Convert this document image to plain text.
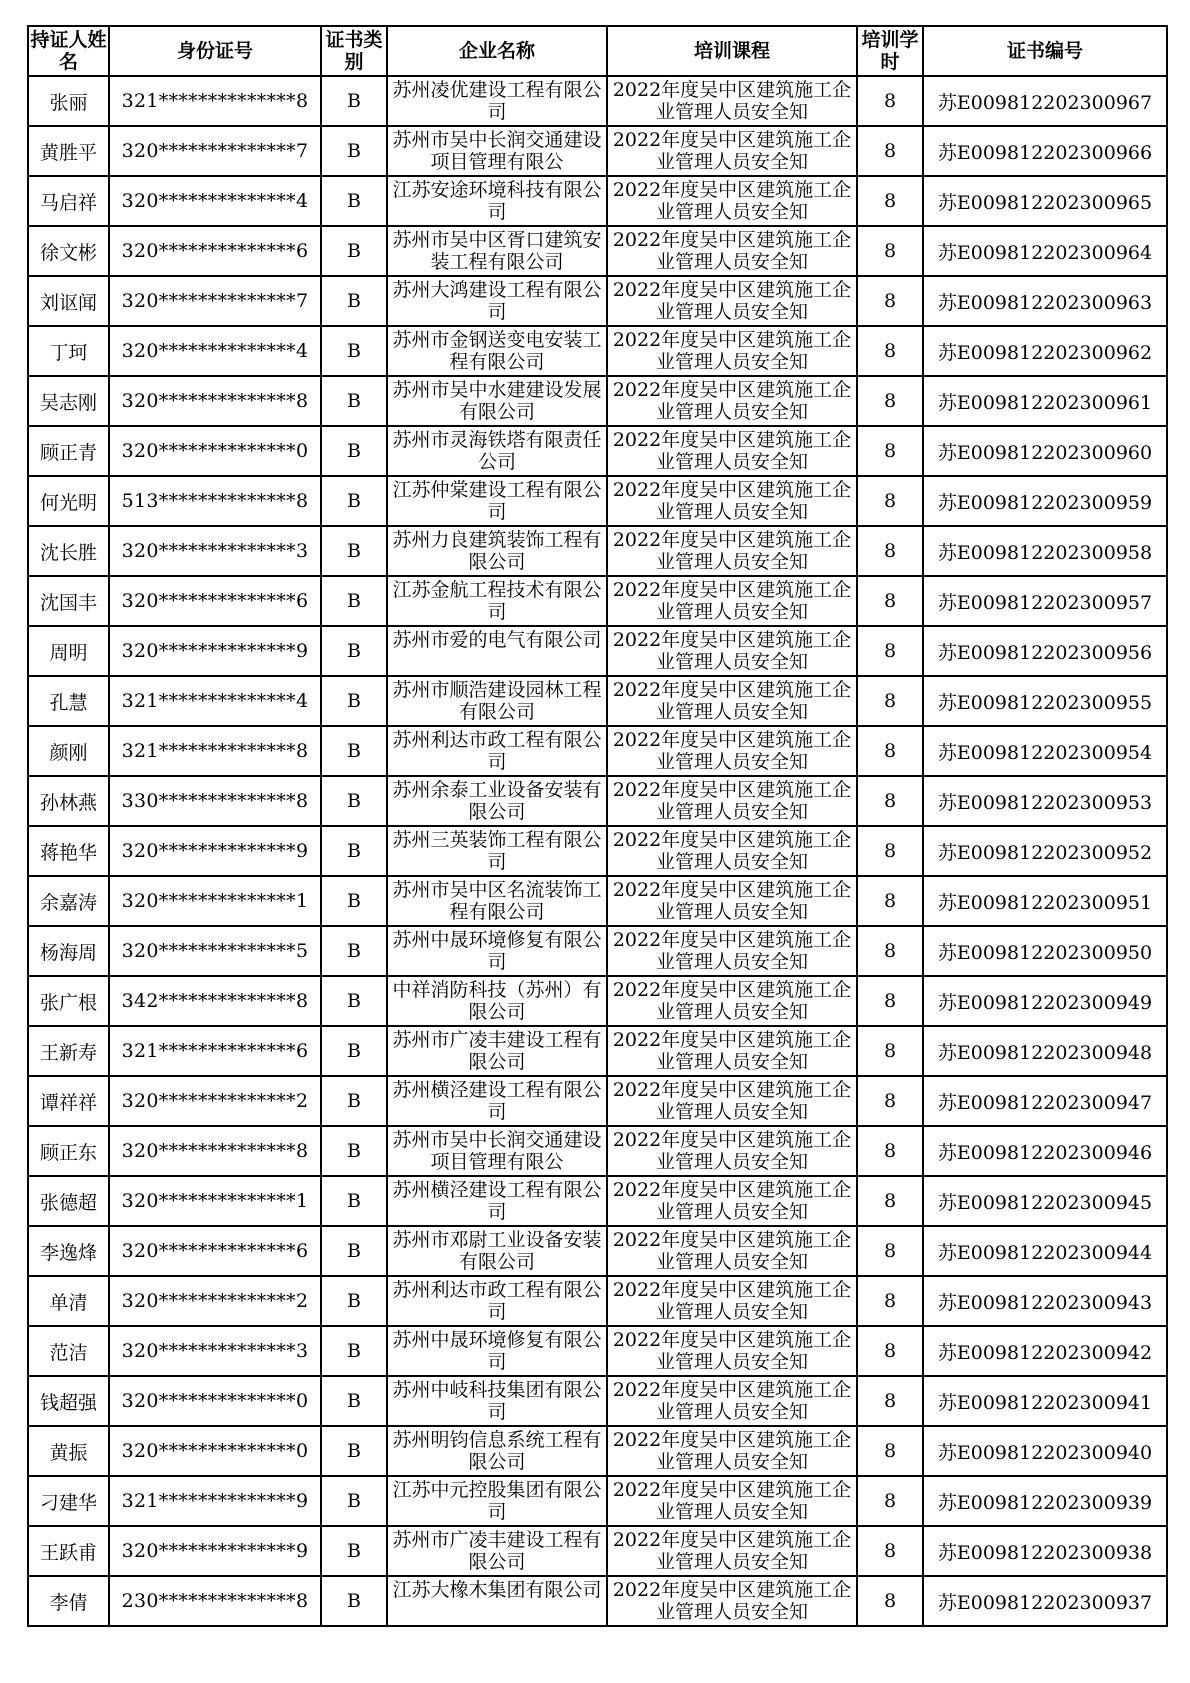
持证人姓名	身份证号	证书类别	企业名称	培训课程	培训学时	证书编号
张丽	321**************8	B	苏州凌优建设工程有限公司	2022年度吴中区建筑施工企业管理人员安全知	8	苏E009812202300967
黄胜平	320**************7	B	苏州市吴中长润交通建设项目管理有限公	2022年度吴中区建筑施工企业管理人员安全知	8	苏E009812202300966
马启祥	320**************4	B	江苏安途环境科技有限公司	2022年度吴中区建筑施工企业管理人员安全知	8	苏E009812202300965
徐文彬	320**************6	B	苏州市吴中区胥口建筑安装工程有限公司	2022年度吴中区建筑施工企业管理人员安全知	8	苏E009812202300964
刘讴闻	320**************7	B	苏州大鸿建设工程有限公司	2022年度吴中区建筑施工企业管理人员安全知	8	苏E009812202300963
丁珂	320**************4	B	苏州市金钢送变电安装工程有限公司	2022年度吴中区建筑施工企业管理人员安全知	8	苏E009812202300962
吴志刚	320**************8	B	苏州市吴中水建建设发展有限公司	2022年度吴中区建筑施工企业管理人员安全知	8	苏E009812202300961
顾正青	320**************0	B	苏州市灵海铁塔有限责任公司	2022年度吴中区建筑施工企业管理人员安全知	8	苏E009812202300960
何光明	513**************8	B	江苏仲棠建设工程有限公司	2022年度吴中区建筑施工企业管理人员安全知	8	苏E009812202300959
沈长胜	320**************3	B	苏州力良建筑装饰工程有限公司	2022年度吴中区建筑施工企业管理人员安全知	8	苏E009812202300958
沈国丰	320**************6	B	江苏金航工程技术有限公司	2022年度吴中区建筑施工企业管理人员安全知	8	苏E009812202300957
周明	320**************9	B	苏州市爱的电气有限公司	2022年度吴中区建筑施工企业管理人员安全知	8	苏E009812202300956
孔慧	321**************4	B	苏州市顺浩建设园林工程有限公司	2022年度吴中区建筑施工企业管理人员安全知	8	苏E009812202300955
颜刚	321**************8	B	苏州利达市政工程有限公司	2022年度吴中区建筑施工企业管理人员安全知	8	苏E009812202300954
孙林燕	330**************8	B	苏州余泰工业设备安装有限公司	2022年度吴中区建筑施工企业管理人员安全知	8	苏E009812202300953
蒋艳华	320**************9	B	苏州三英装饰工程有限公司	2022年度吴中区建筑施工企业管理人员安全知	8	苏E009812202300952
余嘉涛	320**************1	B	苏州市吴中区名流装饰工程有限公司	2022年度吴中区建筑施工企业管理人员安全知	8	苏E009812202300951
杨海周	320**************5	B	苏州中晟环境修复有限公司	2022年度吴中区建筑施工企业管理人员安全知	8	苏E009812202300950
张广根	342**************8	B	中祥消防科技（苏州）有限公司	2022年度吴中区建筑施工企业管理人员安全知	8	苏E009812202300949
王新寿	321**************6	B	苏州市广凌丰建设工程有限公司	2022年度吴中区建筑施工企业管理人员安全知	8	苏E009812202300948
谭祥祥	320**************2	B	苏州横泾建设工程有限公司	2022年度吴中区建筑施工企业管理人员安全知	8	苏E009812202300947
顾正东	320**************8	B	苏州市吴中长润交通建设项目管理有限公	2022年度吴中区建筑施工企业管理人员安全知	8	苏E009812202300946
张德超	320**************1	B	苏州横泾建设工程有限公司	2022年度吴中区建筑施工企业管理人员安全知	8	苏E009812202300945
李逸烽	320**************6	B	苏州市邓尉工业设备安装有限公司	2022年度吴中区建筑施工企业管理人员安全知	8	苏E009812202300944
单清	320**************2	B	苏州利达市政工程有限公司	2022年度吴中区建筑施工企业管理人员安全知	8	苏E009812202300943
范洁	320**************3	B	苏州中晟环境修复有限公司	2022年度吴中区建筑施工企业管理人员安全知	8	苏E009812202300942
钱超强	320**************0	B	苏州中岐科技集团有限公司	2022年度吴中区建筑施工企业管理人员安全知	8	苏E009812202300941
黄振	320**************0	B	苏州明钧信息系统工程有限公司	2022年度吴中区建筑施工企业管理人员安全知	8	苏E009812202300940
刁建华	321**************9	B	江苏中元控股集团有限公司	2022年度吴中区建筑施工企业管理人员安全知	8	苏E009812202300939
王跃甫	320**************9	B	苏州市广凌丰建设工程有限公司	2022年度吴中区建筑施工企业管理人员安全知	8	苏E009812202300938
李倩	230**************8	B	江苏大橡木集团有限公司	2022年度吴中区建筑施工企业管理人员安全知	8	苏E009812202300937
